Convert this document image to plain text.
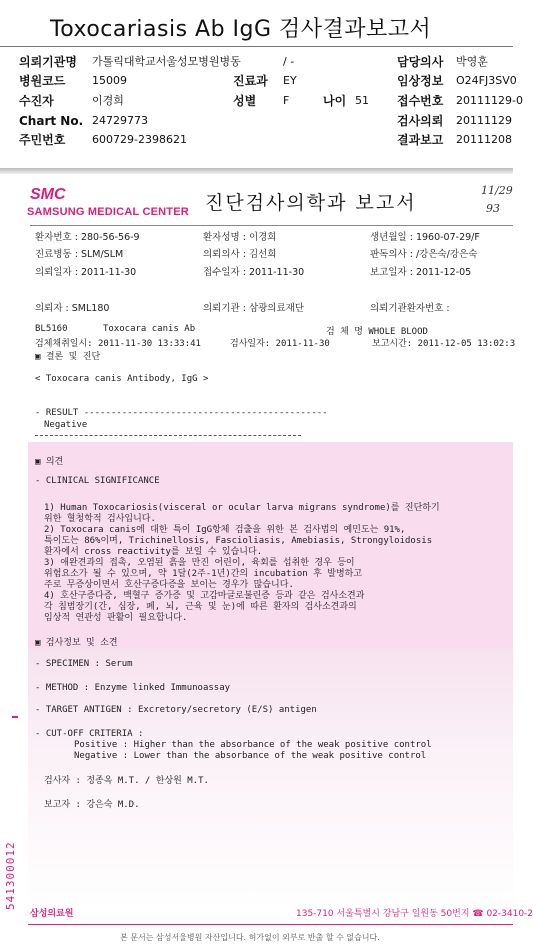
Toxocariasis Ab IgG 검사결과보고서
의뢰기관명 가톨릭대학교서울성모병원병동	/ -	담당의사 박영훈
병원코드 15009	진료과 EY	임상정보 O24FJ3SV0
수진자	이경희	성별 F	나이 51 접수번호 20111129-0
Chart No. 24729773	검사의뢰 20111129
주민번호 600729-2398621	결과보고 20111208
SMC
SAMSUNG MEDICAL CENTER 진단검사의학과 보고서
11/29
93
환자번호 : 280-56-56-9	환자성명 : 이경희	생년월일 : 1960-07-29/F
진료병동 : SLM/SLM	의뢰의사 : 김선희	판독의사 : /강은숙/강은숙
의뢰일자 : 2011-11-30	접수일자 : 2011-11-30	보고일자 : 2011-12-05
의뢰자 : SML180	의뢰기관 : 삼광의료재단	의뢰기관환자번호 :
BL5160	Toxocara canis Ab	검 체 명 WHOLE BLOOD
검체채취일시: 2011-11-30 13:33:41	검사일자: 2011-11-30	보고시간: 2011-12-05 13:02:3
▣ 결론 및 진단
< Toxocara canis Antibody, IgG >
- RESULT ---------------------------------------------
Negative
▣ 의견
- CLINICAL SIGNIFICANCE
1) Human Toxocariosis(visceral or ocular larva migrans syndrome)를 진단하기
위한 혈청학적 검사입니다.
2) Toxocara canis에 대한 특이 IgG항체 검출을 위한 본 검사법의 예민도는 91%,
특이도는 86%이며, Trichinellosis, Fascioliasis, Amebiasis, Strongyloidosis
환자에서 cross reactivity를 보일 수 있습니다.
3) 애완견과의 접촉, 오염된 흙을 만진 어린이, 육회를 섭취한 경우 등이
위험요소가 될 수 있으며, 약 1달(2주-1년)간의 incubation 후 발병하고
주로 무증상이면서 호산구증다증을 보이는 경우가 많습니다.
4) 호산구증다증, 백혈구 증가증 및 고감마글로불린증 등과 같은 검사소견과
각 침범장기(간, 심장, 폐, 뇌, 근육 및 눈)에 따른 환자의 검사소견과의
임상적 연관성 판활이 필요합니다.
▣ 검사정보 및 소견
- SPECIMEN : Serum
- METHOD : Enzyme linked Immunoassay
- TARGET ANTIGEN : Excretory/secretory (E/S) antigen
- CUT-OFF CRITERIA :
Positive : Higher than the absorbance of the weak positive control
Negative : Lower than the absorbance of the weak positive control
검사자 : 정종옥 M.T. / 한상원 M.T.
보고자 : 강은숙 M.D.
541300012
삼성의료원	135-710 서울특별시 강남구 일원동 50번지 ☎ 02-3410-2
본 문서는 삼성서울병원 자산입니다. 허가없이 외부로 반출 할 수 없습니다.
